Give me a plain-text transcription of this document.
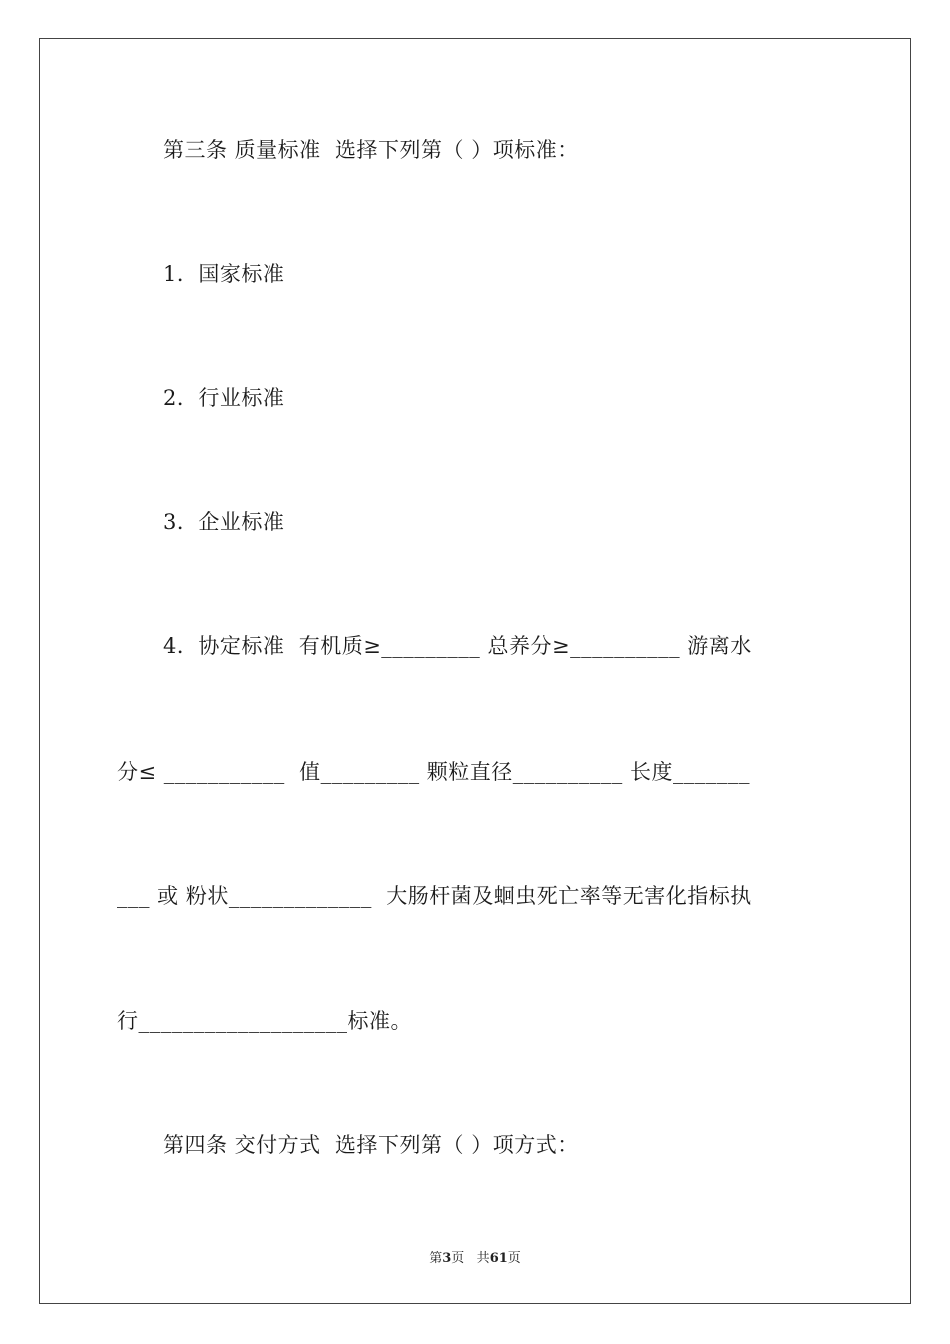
第三条 质量标准  选择下列第（ ）项标准：
1．国家标准
2．行业标准
3．企业标准
4．协定标准  有机质≥_________ 总养分≥__________ 游离水
分≤ ___________  值_________ 颗粒直径__________ 长度_______
___ 或 粉状_____________  大肠杆菌及蛔虫死亡率等无害化指标执
行___________________标准。
第四条 交付方式  选择下列第（ ）项方式：
第3页 共61页
